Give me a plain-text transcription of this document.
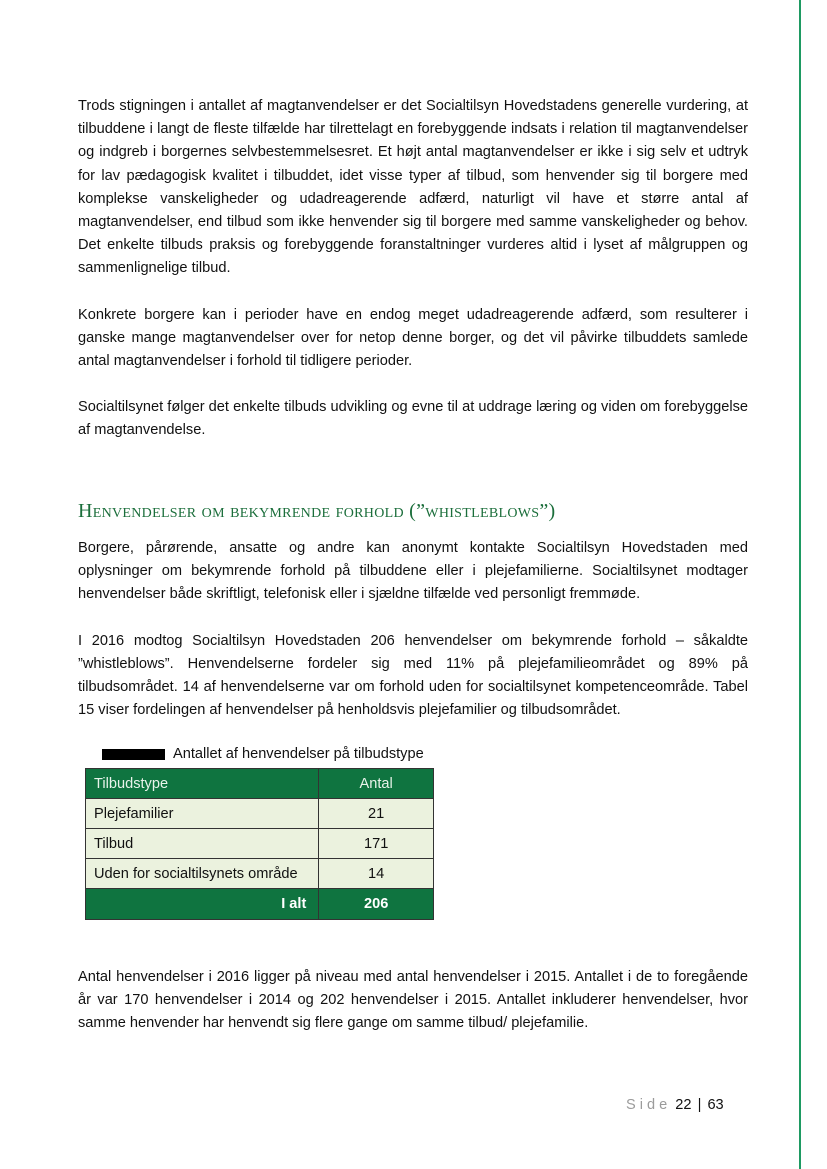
Trods stigningen i antallet af magtanvendelser er det Socialtilsyn Hovedstadens generelle vurdering, at tilbuddene i langt de fleste tilfælde har tilrettelagt en forebyggende indsats i relation til magtanvendelser og indgreb i borgernes selvbestemmelsesret. Et højt antal magtanvendelser er ikke i sig selv et udtryk for lav pædagogisk kvalitet i tilbuddet, idet visse typer af tilbud, som henvender sig til borgere med komplekse vanskeligheder og udadreagerende adfærd, naturligt vil have et større antal af magtanvendelser, end tilbud som ikke henvender sig til borgere med samme vanskeligheder og behov. Det enkelte tilbuds praksis og forebyggende foranstaltninger vurderes altid i lyset af målgruppen og sammenlignelige tilbud.

Konkrete borgere kan i perioder have en endog meget udadreagerende adfærd, som resulterer i ganske mange magtanvendelser over for netop denne borger, og det vil påvirke tilbuddets samlede antal magtanvendelser i forhold til tidligere perioder.

Socialtilsynet følger det enkelte tilbuds udvikling og evne til at uddrage læring og viden om forebyggelse af magtanvendelse.

Henvendelser om bekymrende forhold (”whistleblows”)

Borgere, pårørende, ansatte og andre kan anonymt kontakte Socialtilsyn Hovedstaden med oplysninger om bekymrende forhold på tilbuddene eller i plejefamilierne. Socialtilsynet modtager henvendelser både skriftligt, telefonisk eller i sjældne tilfælde ved personligt fremmøde.

I 2016 modtog Socialtilsyn Hovedstaden 206 henvendelser om bekymrende forhold – såkaldte ”whistleblows”. Henvendelserne fordeler sig med 11% på plejefamilieområdet og 89% på tilbudsområdet. 14 af henvendelserne var om forhold uden for socialtilsynet kompetenceområde. Tabel 15 viser fordelingen af henvendelser på henholdsvis plejefamilier og tilbudsområdet.

Antallet af henvendelser på tilbudstype
Tilbudstype	Antal
Plejefamilier	21
Tilbud	171
Uden for socialtilsynets område	14
I alt	206

Antal henvendelser i 2016 ligger på niveau med antal henvendelser i 2015. Antallet i de to foregående år var 170 henvendelser i 2014 og 202 henvendelser i 2015. Antallet inkluderer henvendelser, hvor samme henvender har henvendt sig flere gange om samme tilbud/ plejefamilie.

Side 22 | 63
